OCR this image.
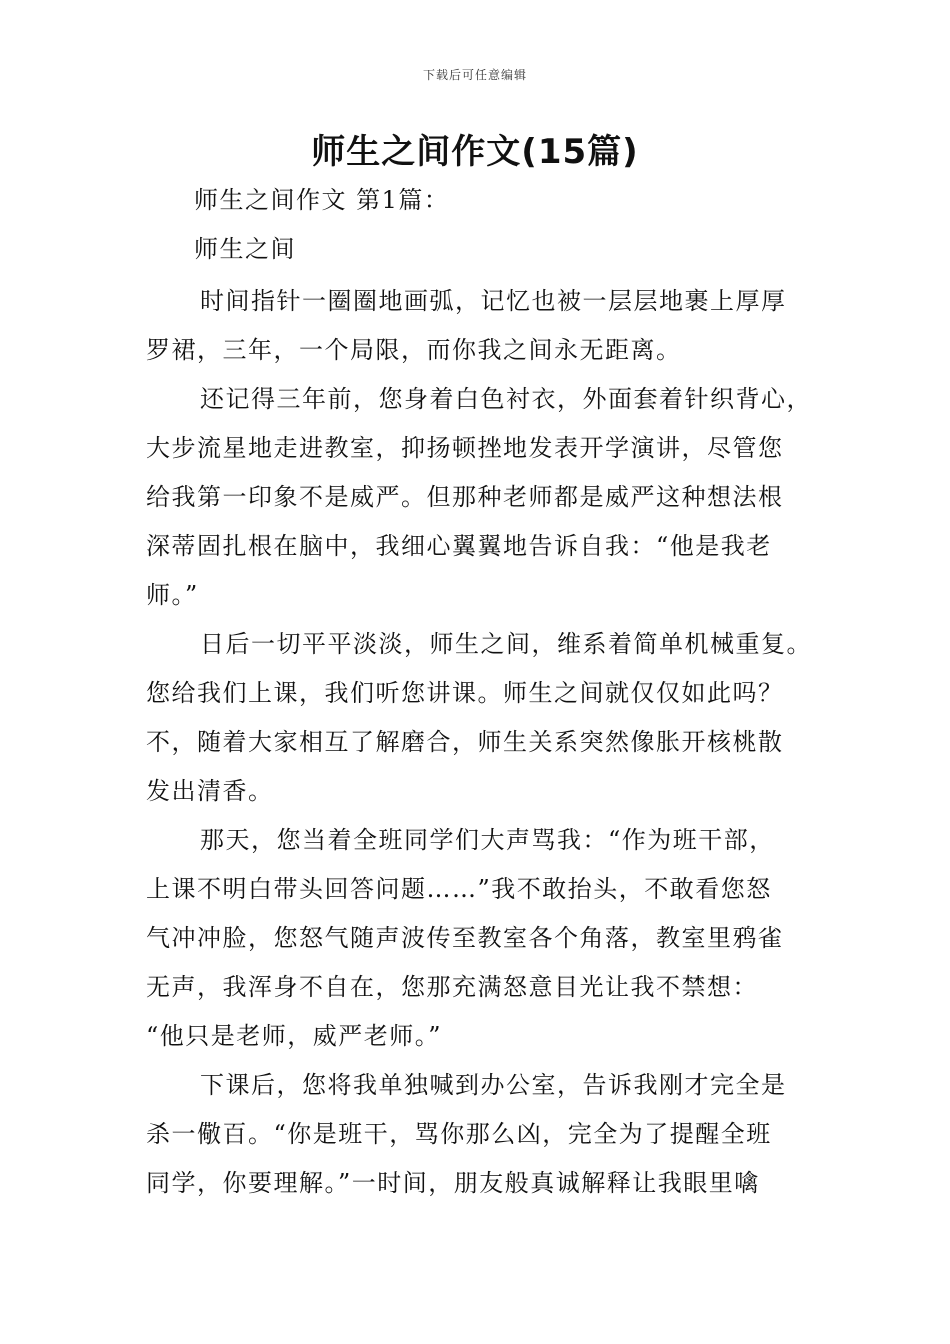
下载后可任意编辑
师生之间作文(15篇)

师生之间作文 第1篇：

师生之间

时间指针一圈圈地画弧，记忆也被一层层地裹上厚厚

罗裙，三年，一个局限，而你我之间永无距离。

还记得三年前，您身着白色衬衣，外面套着针织背心，

大步流星地走进教室，抑扬顿挫地发表开学演讲，尽管您

给我第一印象不是威严。但那种老师都是威严这种想法根

深蒂固扎根在脑中，我细心翼翼地告诉自我：“他是我老

师。”

日后一切平平淡淡，师生之间，维系着简单机械重复。

您给我们上课，我们听您讲课。师生之间就仅仅如此吗？

不，随着大家相互了解磨合，师生关系突然像胀开核桃散

发出清香。

那天，您当着全班同学们大声骂我：“作为班干部，

上课不明白带头回答问题……”我不敢抬头，不敢看您怒

气冲冲脸，您怒气随声波传至教室各个角落，教室里鸦雀

无声，我浑身不自在，您那充满怒意目光让我不禁想：

“他只是老师，威严老师。”

下课后，您将我单独喊到办公室，告诉我刚才完全是

杀一儆百。“你是班干，骂你那么凶，完全为了提醒全班

同学，你要理解。”一时间，朋友般真诚解释让我眼里噙
